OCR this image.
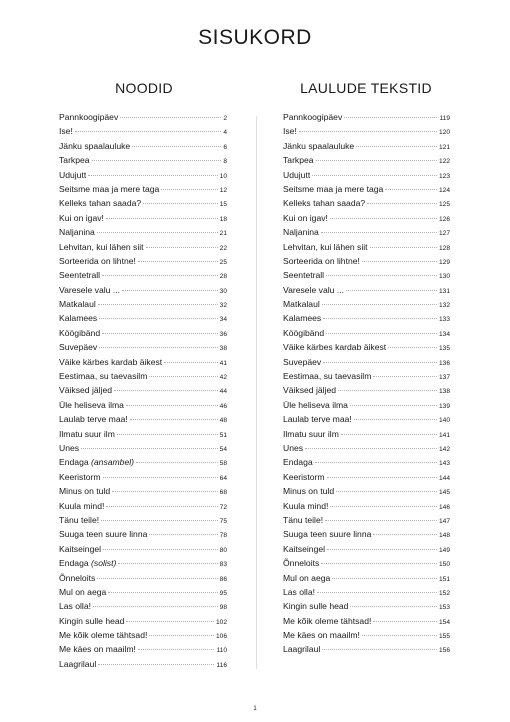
SISUKORD
NOODID	LAULUDE TEKSTID
Pannkoogipäev	2
Ise!	4
Jänku spaalauluke	6
Tarkpea	8
Udujutt	10
Seitsme maa ja mere taga	12
Kelleks tahan saada?	15
Kui on igav!	18
Naljanina	21
Lehvitan, kui lähen siit	22
Sorteerida on lihtne!	25
Seentetrall	28
Varesele valu ...	30
Matkalaul	32
Kalamees	34
Köögibänd	36
Suvepäev	38
Väike kärbes kardab äikest	41
Eestimaa, su taevasilm	42
Väiksed jäljed	44
Üle heliseva ilma	46
Laulab terve maa!	48
Ilmatu suur ilm	51
Unes	54
Endaga (ansambel)	58
Keeristorm	64
Minus on tuld	68
Kuula mind!	72
Tänu teile!	75
Suuga teen suure linna	78
Kaitseingel	80
Endaga (solist)	83
Õnneloits	86
Mul on aega	95
Las olla!	98
Kingin sulle head	102
Me kõik oleme tähtsad!	106
Me käes on maailm!	110
Laagrilaul	116
Pannkoogipäev	119
Ise!	120
Jänku spaalauluke	121
Tarkpea	122
Udujutt	123
Seitsme maa ja mere taga	124
Kelleks tahan saada?	125
Kui on igav!	126
Naljanina	127
Lehvitan, kui lähen siit	128
Sorteerida on lihtne!	129
Seentetrall	130
Varesele valu ...	131
Matkalaul	132
Kalamees	133
Köögibänd	134
Väike kärbes kardab äikest	135
Suvepäev	136
Eestimaa, su taevasilm	137
Väiksed jäljed	138
Üle heliseva ilma	139
Laulab terve maa!	140
Ilmatu suur ilm	141
Unes	142
Endaga	143
Keeristorm	144
Minus on tuld	145
Kuula mind!	146
Tänu teile!	147
Suuga teen suure linna	148
Kaitseingel	149
Õnneloits	150
Mul on aega	151
Las olla!	152
Kingin sulle head	153
Me kõik oleme tähtsad!	154
Me käes on maailm!	155
Laagrilaul	156
1
